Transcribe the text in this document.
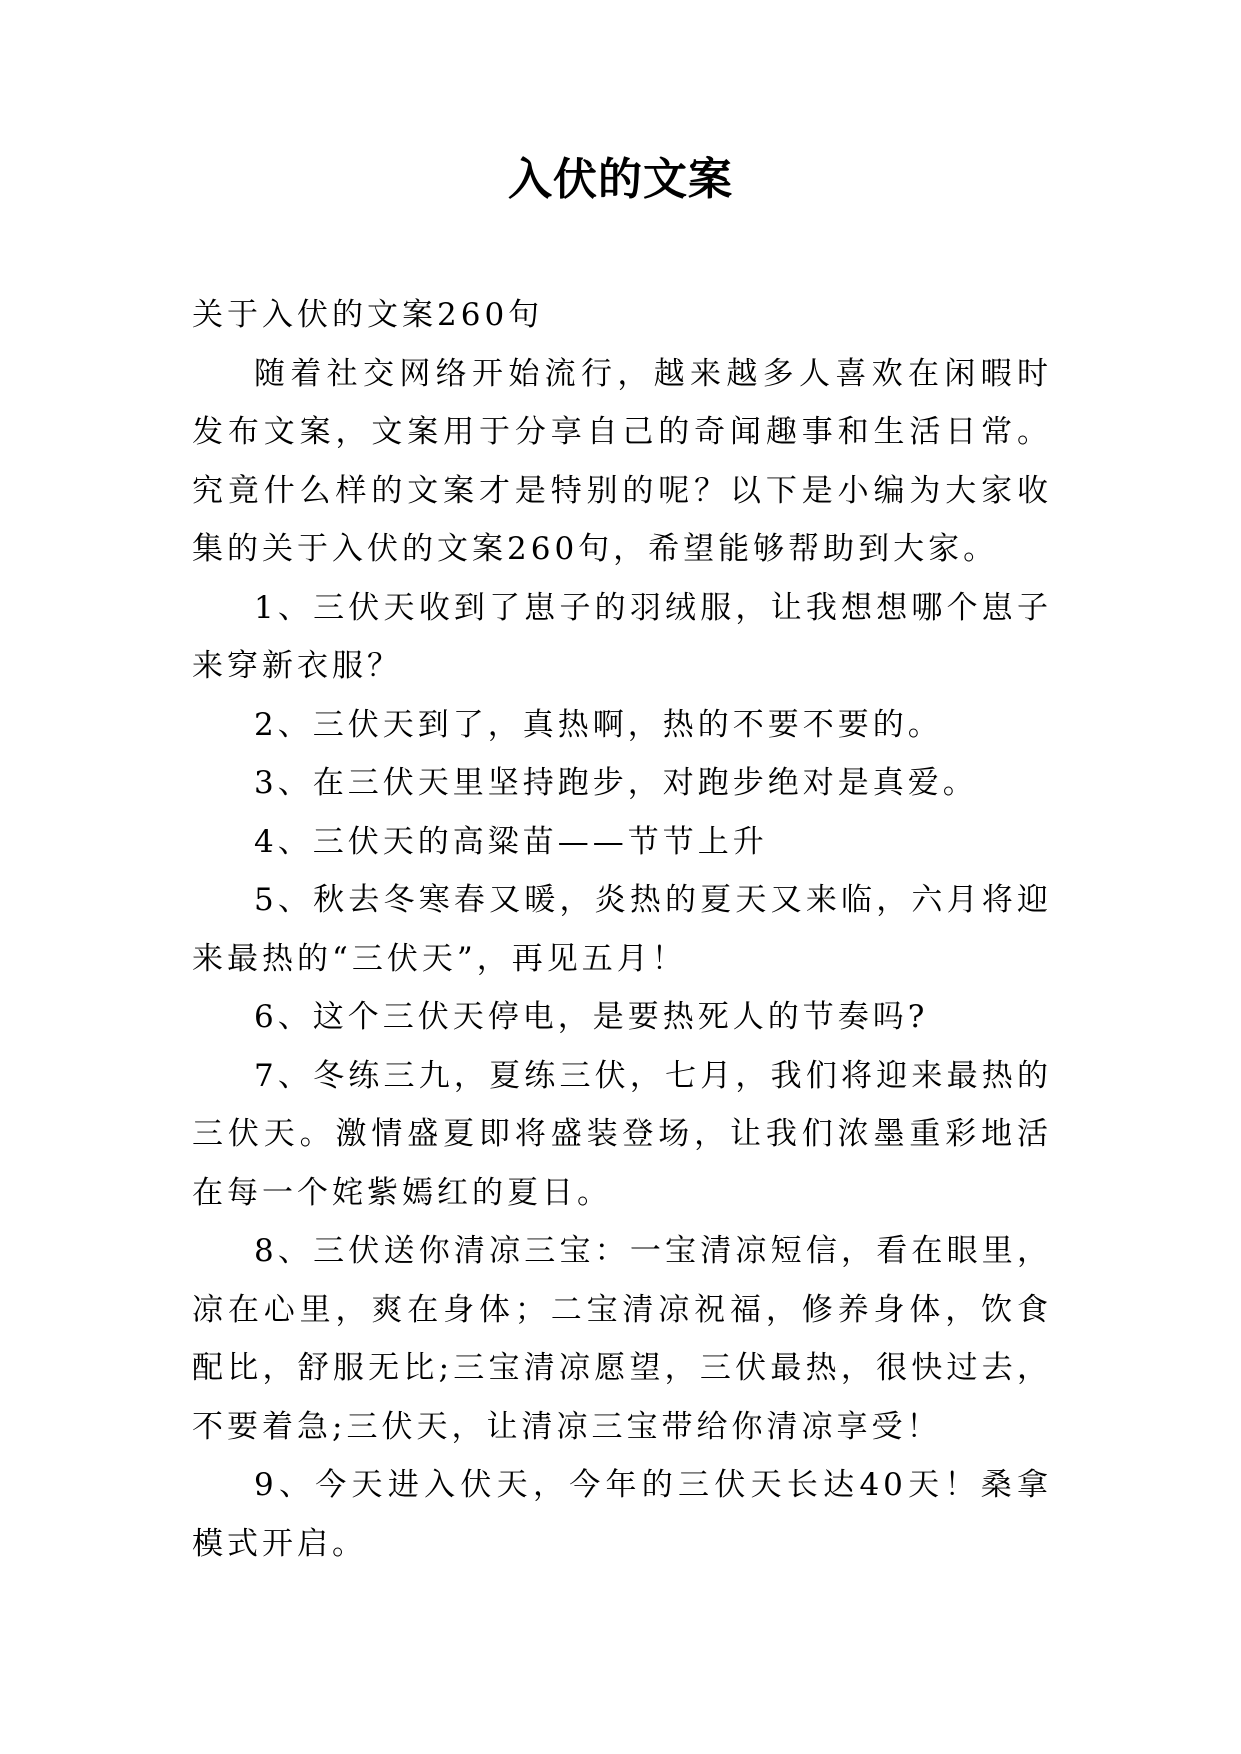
入伏的文案

关于入伏的文案260句

随着社交网络开始流行，越来越多人喜欢在闲暇时发布文案，文案用于分享自己的奇闻趣事和生活日常。究竟什么样的文案才是特别的呢？以下是小编为大家收集的关于入伏的文案260句，希望能够帮助到大家。

1、三伏天收到了崽子的羽绒服，让我想想哪个崽子来穿新衣服？

2、三伏天到了，真热啊，热的不要不要的。

3、在三伏天里坚持跑步，对跑步绝对是真爱。

4、三伏天的高粱苗——节节上升

5、秋去冬寒春又暖，炎热的夏天又来临，六月将迎来最热的“三伏天”，再见五月！

6、这个三伏天停电，是要热死人的节奏吗?

7、冬练三九，夏练三伏，七月，我们将迎来最热的三伏天。激情盛夏即将盛装登场，让我们浓墨重彩地活在每一个姹紫嫣红的夏日。

8、三伏送你清凉三宝：一宝清凉短信，看在眼里，凉在心里，爽在身体；二宝清凉祝福，修养身体，饮食配比，舒服无比;三宝清凉愿望，三伏最热，很快过去，不要着急;三伏天，让清凉三宝带给你清凉享受！

9、今天进入伏天，今年的三伏天长达40天！桑拿模式开启。
